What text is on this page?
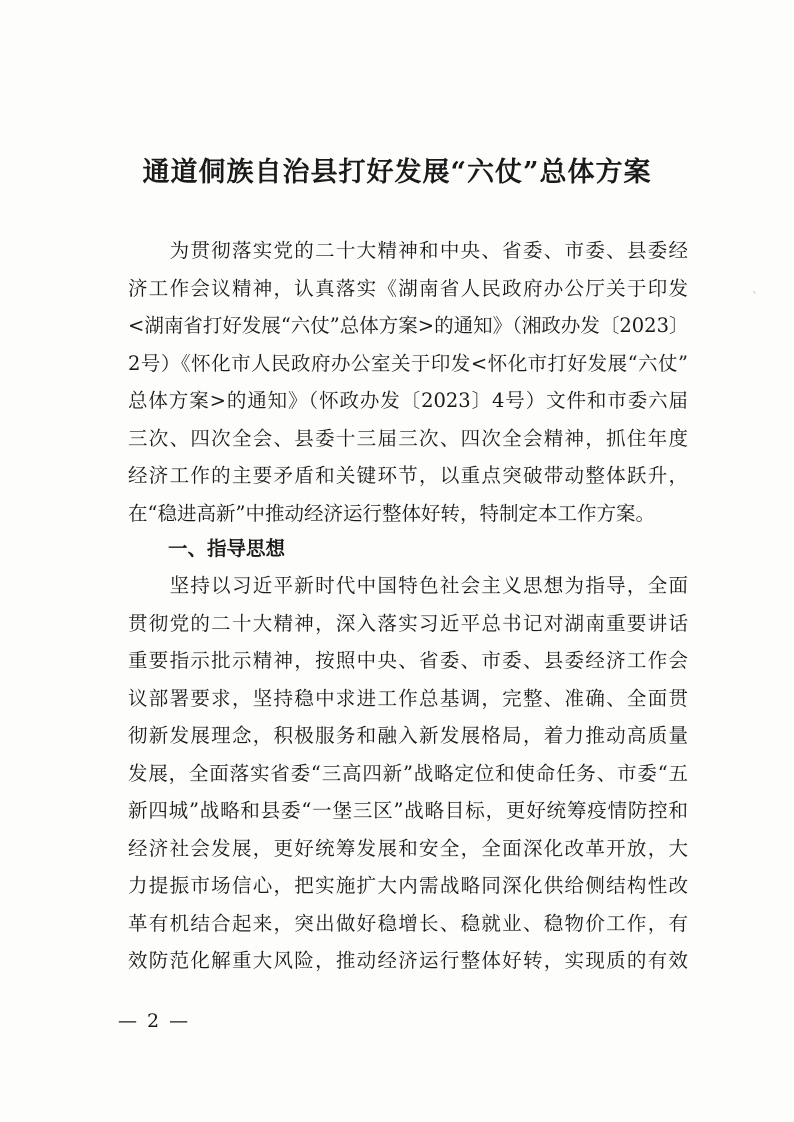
通道侗族自治县打好发展“六仗”总体方案
　　为贯彻落实党的二十大精神和中央、省委、市委、县委经
济工作会议精神，认真落实《湖南省人民政府办公厅关于印发
<湖南省打好发展“六仗”总体方案>的通知》（湘政办发〔2023〕
2号）《怀化市人民政府办公室关于印发<怀化市打好发展“六仗”
总体方案>的通知》（怀政办发〔2023〕4号）文件和市委六届
三次、四次全会、县委十三届三次、四次全会精神，抓住年度
经济工作的主要矛盾和关键环节，以重点突破带动整体跃升，
在“稳进高新”中推动经济运行整体好转，特制定本工作方案。
一、指导思想
　　坚持以习近平新时代中国特色社会主义思想为指导，全面
贯彻党的二十大精神，深入落实习近平总书记对湖南重要讲话
重要指示批示精神，按照中央、省委、市委、县委经济工作会
议部署要求，坚持稳中求进工作总基调，完整、准确、全面贯
彻新发展理念，积极服务和融入新发展格局，着力推动高质量
发展，全面落实省委“三高四新”战略定位和使命任务、市委“五
新四城”战略和县委“一堡三区”战略目标，更好统筹疫情防控和
经济社会发展，更好统筹发展和安全，全面深化改革开放，大
力提振市场信心，把实施扩大内需战略同深化供给侧结构性改
革有机结合起来，突出做好稳增长、稳就业、稳物价工作，有
效防范化解重大风险，推动经济运行整体好转，实现质的有效
— 2 —
ˋ
